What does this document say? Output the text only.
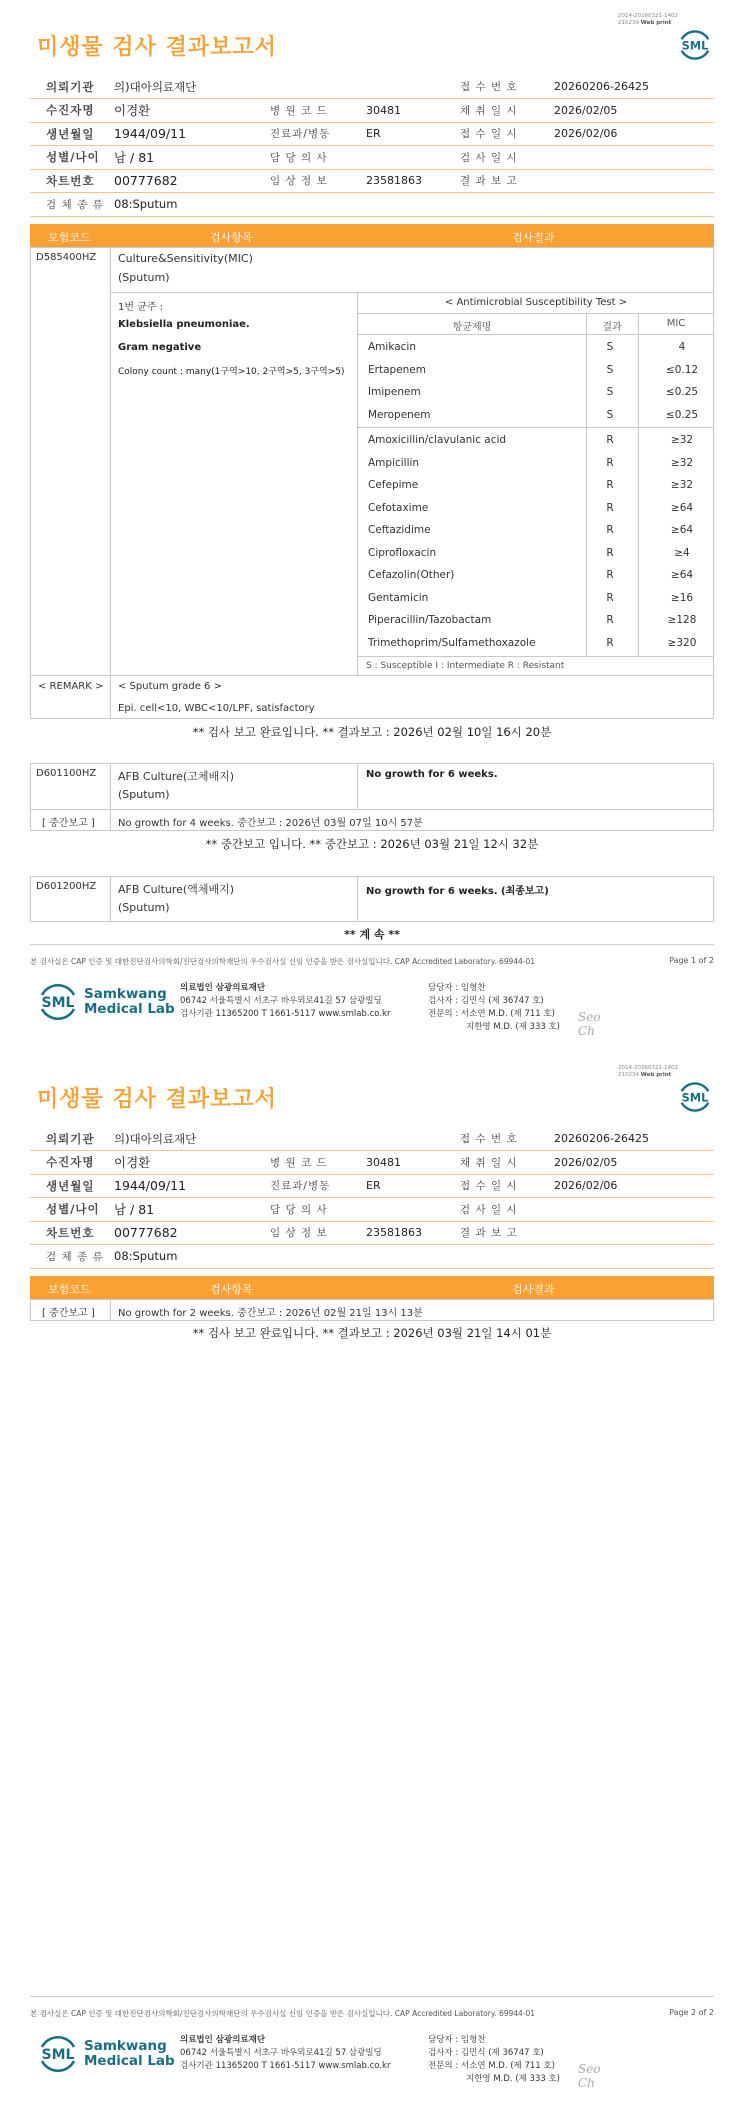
2014-20260321-1402
210234 Web print
SML
미생물 검사 결과보고서
의뢰기관	의)대아의료재단			접 수 번 호	20260206-26425
수진자명	이경환	병 원 코 드	30481	채 취 일 시	2026/02/05
생년월일	1944/09/11	진료과/병동	ER	접 수 일 시	2026/02/06
성별/나이	남 / 81	담 당 의 사		검 사 일 시	
차트번호	00777682	임 상 정 보	23581863	결 과 보 고	
검 체 종 류	08:Sputum				
보험코드	검사항목	검사결과
D585400HZ Culture&Sensitivity(MIC)
(Sputum)
1번 균주 :
Klebsiella pneumoniae.
Gram negative
Colony count : many(1구역>10, 2구역>5, 3구역>5)
< Antimicrobial Susceptibility Test >
항균제명	결과	MIC
Amikacin	S	4
Ertapenem	S	≤0.12
Imipenem	S	≤0.25
Meropenem	S	≤0.25
Amoxicillin/clavulanic acid	R	≥32
Ampicillin	R	≥32
Cefepime	R	≥32
Cefotaxime	R	≥64
Ceftazidime	R	≥64
Ciprofloxacin	R	≥4
Cefazolin(Other)	R	≥64
Gentamicin	R	≥16
Piperacillin/Tazobactam	R	≥128
Trimethoprim/Sulfamethoxazole	R	≥320
S : Susceptible I : Intermediate R : Resistant
< REMARK > < Sputum grade 6 >
Epi. cell<10, WBC<10/LPF, satisfactory
** 검사 보고 완료입니다. ** 결과보고 : 2026년 02월 10일 16시 20분
D601100HZ AFB Culture(고체배지)
(Sputum)
No growth for 6 weeks.
[ 중간보고 ] No growth for 4 weeks. 중간보고 : 2026년 03월 07일 10시 57분
** 중간보고 입니다. ** 중간보고 : 2026년 03월 21일 12시 32분
D601200HZ AFB Culture(액체배지)
(Sputum)
No growth for 6 weeks. (최종보고)
** 계 속 **
본 검사실은 CAP 인증 및 대한진단검사의학회/진단검사의학재단의 우수검사실 신임 인증을 받은 검사실입니다. CAP Accredited Laboratory. 69944-01	Page 1 of 2
SML
Samkwang
Medical Lab
의료법인 삼광의료재단
06742 서울특별시 서초구 바우뫼로41길 57 삼광빌딩
검사기관 11365200 T 1661-5117 www.smlab.co.kr
담당자 : 임형찬
검사자 : 김민식 (제 36747 호)
전문의 : 서소연 M.D. (제 711 호)
지한영 M.D. (제 333 호)
Seo
Ch
2014-20260321-1402
210234 Web print
SML
미생물 검사 결과보고서
의뢰기관	의)대아의료재단			접 수 번 호	20260206-26425
수진자명	이경환	병 원 코 드	30481	채 취 일 시	2026/02/05
생년월일	1944/09/11	진료과/병동	ER	접 수 일 시	2026/02/06
성별/나이	남 / 81	담 당 의 사		검 사 일 시	
차트번호	00777682	임 상 정 보	23581863	결 과 보 고	
검 체 종 류	08:Sputum				
보험코드	검사항목	검사결과
[ 중간보고 ] No growth for 2 weeks. 중간보고 : 2026년 02월 21일 13시 13분
** 검사 보고 완료입니다. ** 결과보고 : 2026년 03월 21일 14시 01분
본 검사실은 CAP 인증 및 대한진단검사의학회/진단검사의학재단의 우수검사실 신임 인증을 받은 검사실입니다. CAP Accredited Laboratory. 69944-01	Page 2 of 2
SML
Samkwang
Medical Lab
의료법인 삼광의료재단
06742 서울특별시 서초구 바우뫼로41길 57 삼광빌딩
검사기관 11365200 T 1661-5117 www.smlab.co.kr
담당자 : 임형찬
검사자 : 김민식 (제 36747 호)
전문의 : 서소연 M.D. (제 711 호)
지한영 M.D. (제 333 호)
Seo
Ch
